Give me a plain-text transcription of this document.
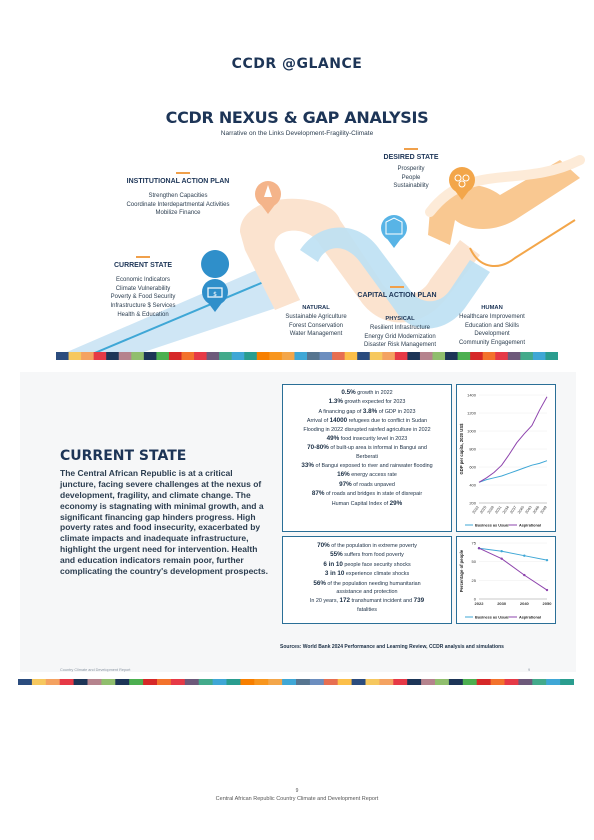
CCDR @GLANCE
CCDR NEXUS & GAP ANALYSIS
Narrative on the Links Development-Fragility-Climate
$
INSTITUTIONAL ACTION PLAN
Strengthen Capacities
Coordinate Interdepartmental Activities
Mobilize Finance
DESIRED STATE
Prosperity
People
Sustainability
CURRENT STATE
Economic Indicators
Climate Vulnerability
Poverty & Food Security
Infrastructure $ Services
Health & Education
CAPITAL ACTION PLAN
NATURAL
Sustainable Agriculture
Forest Conservation
Water Management
PHYSICAL
Resilient Infrastructure
Energy Grid Modernization
Disaster Risk Management
HUMAN
Healthcare Improvement
Education and Skills
Development
Community Engagement
CURRENT STATE
The Central African Republic is at a critical juncture, facing severe challenges at the nexus of development, fragility, and climate change. The economy is stagnating with minimal growth, and a significant financing gap hinders progress. High poverty rates and food insecurity, exacerbated by climate impacts and inadequate infrastructure, highlight the urgent need for intervention. Health and education indicators remain poor, further complicating the country's development prospects.
0.5% growth in 2022
1.3% growth expected for 2023
A financing gap of 3.8% of GDP in 2023
Arrival of 14000 refugees due to conflict in Sudan
Flooding in 2022 disrupted rainfed agriculture in 2022
49% food insecurity level in 2023
70-80% of built-up area is informal in Bangui and
Berberati
33% of Bangui exposed to river and rainwater flooding
16% energy access rate
97% of roads unpaved
87% of roads and bridges in state of disrepair
Human Capital Index of 29%
70% of the population in extreme poverty
55% suffers from food poverty
6 in 10 people face security shocks
3 in 10 experience climate shocks
56% of the population needing humanitarian
assistance and protection
In 20 years, 172 transhumant incident and 739
fatalities
200
400
600
800
1000
1200
1400
2022 2025 2028 2031 2034 2037 2040 2043 2046 2049
GDP per capita, 2020 US$
Business as Usual	Aspirational
0
25
50
75
2022	2030	2040	2050
Percentage of people
Business as Usual	Aspirational
Sources: World Bank 2024 Performance and Learning Review, CCDR analysis and simulations
Country Climate and Development Report	9
9
Central African Republic Country Climate and Development Report
